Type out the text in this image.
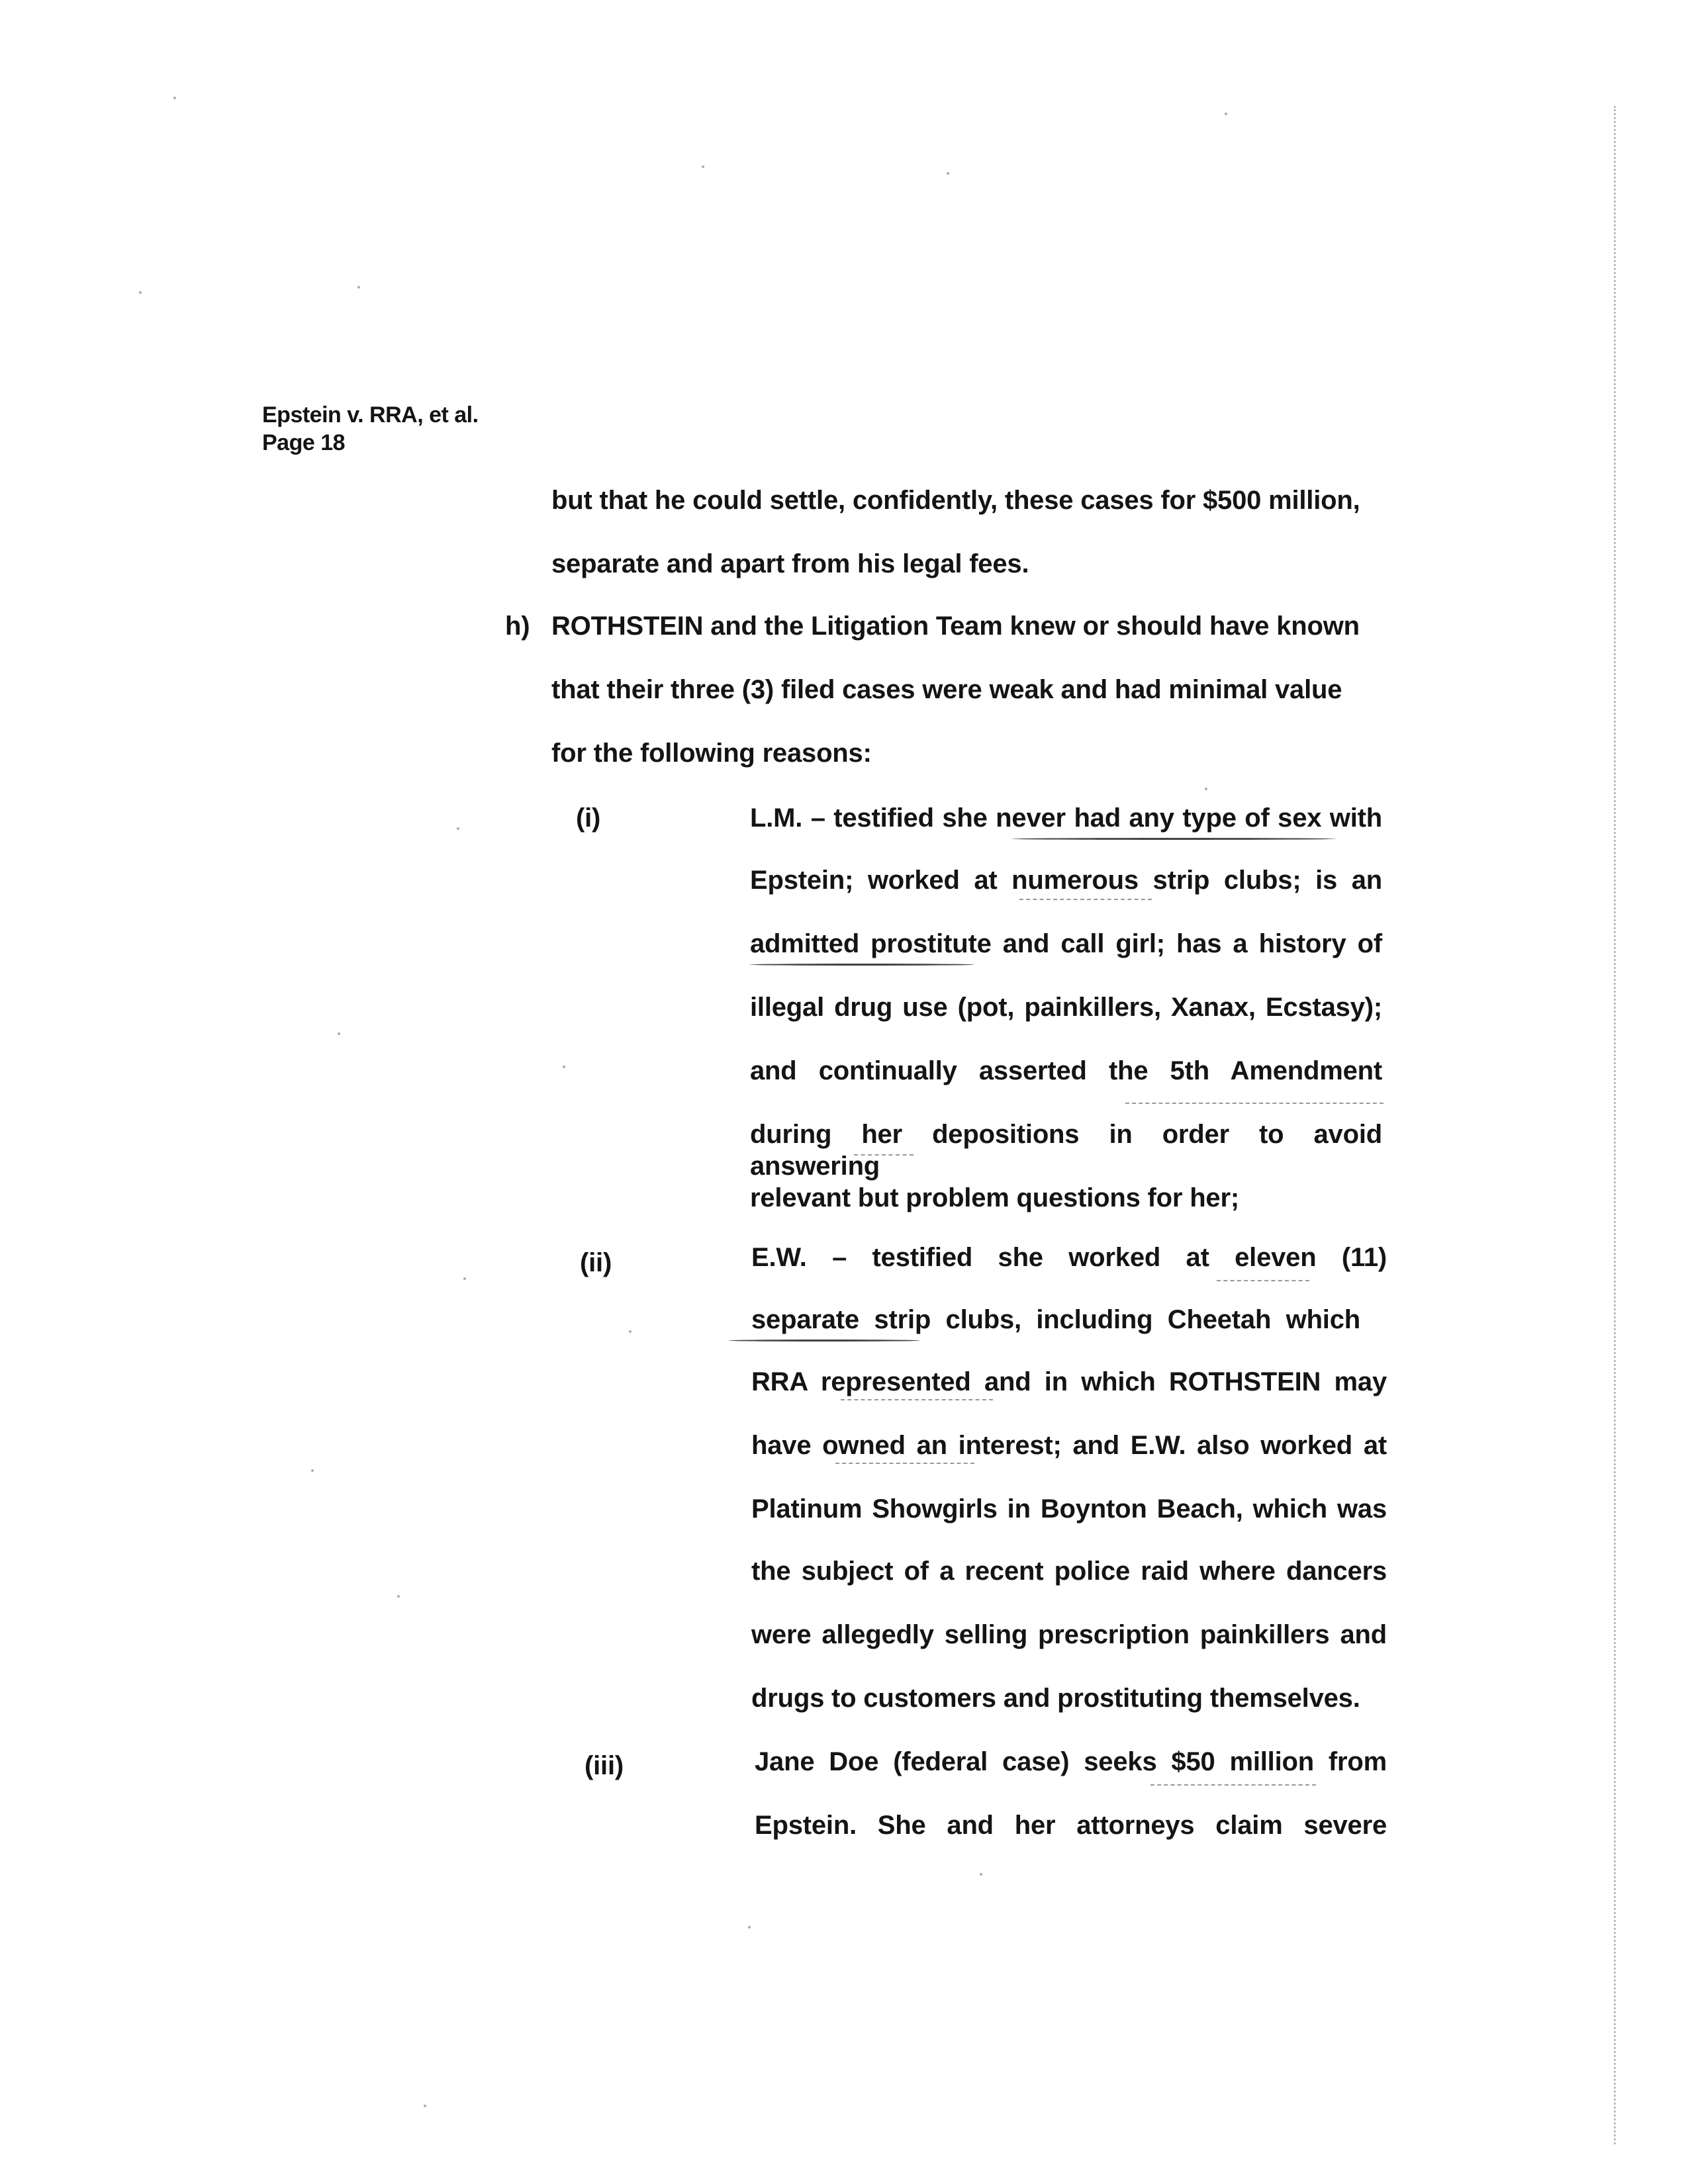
Epstein v. RRA, et al.
Page 18
but that he could settle, confidently, these cases for $500 million,
separate and apart from his legal fees.
h) ROTHSTEIN and the Litigation Team knew or should have known
that their three (3) filed cases were weak and had minimal value
for the following reasons:
(i)	L.M. – testified she never had any type of sex with
Epstein; worked at numerous strip clubs; is an
admitted prostitute and call girl; has a history of
illegal drug use (pot, painkillers, Xanax, Ecstasy);
and continually asserted the 5th Amendment
during her depositions in order to avoid answering
relevant but problem questions for her;
(ii)	E.W. – testified she worked at eleven (11)
separate strip clubs, including Cheetah which
RRA represented and in which ROTHSTEIN may
have owned an interest; and E.W. also worked at
Platinum Showgirls in Boynton Beach, which was
the subject of a recent police raid where dancers
were allegedly selling prescription painkillers and
drugs to customers and prostituting themselves.
(iii)	Jane Doe (federal case) seeks $50 million from
Epstein. She and her attorneys claim severe
